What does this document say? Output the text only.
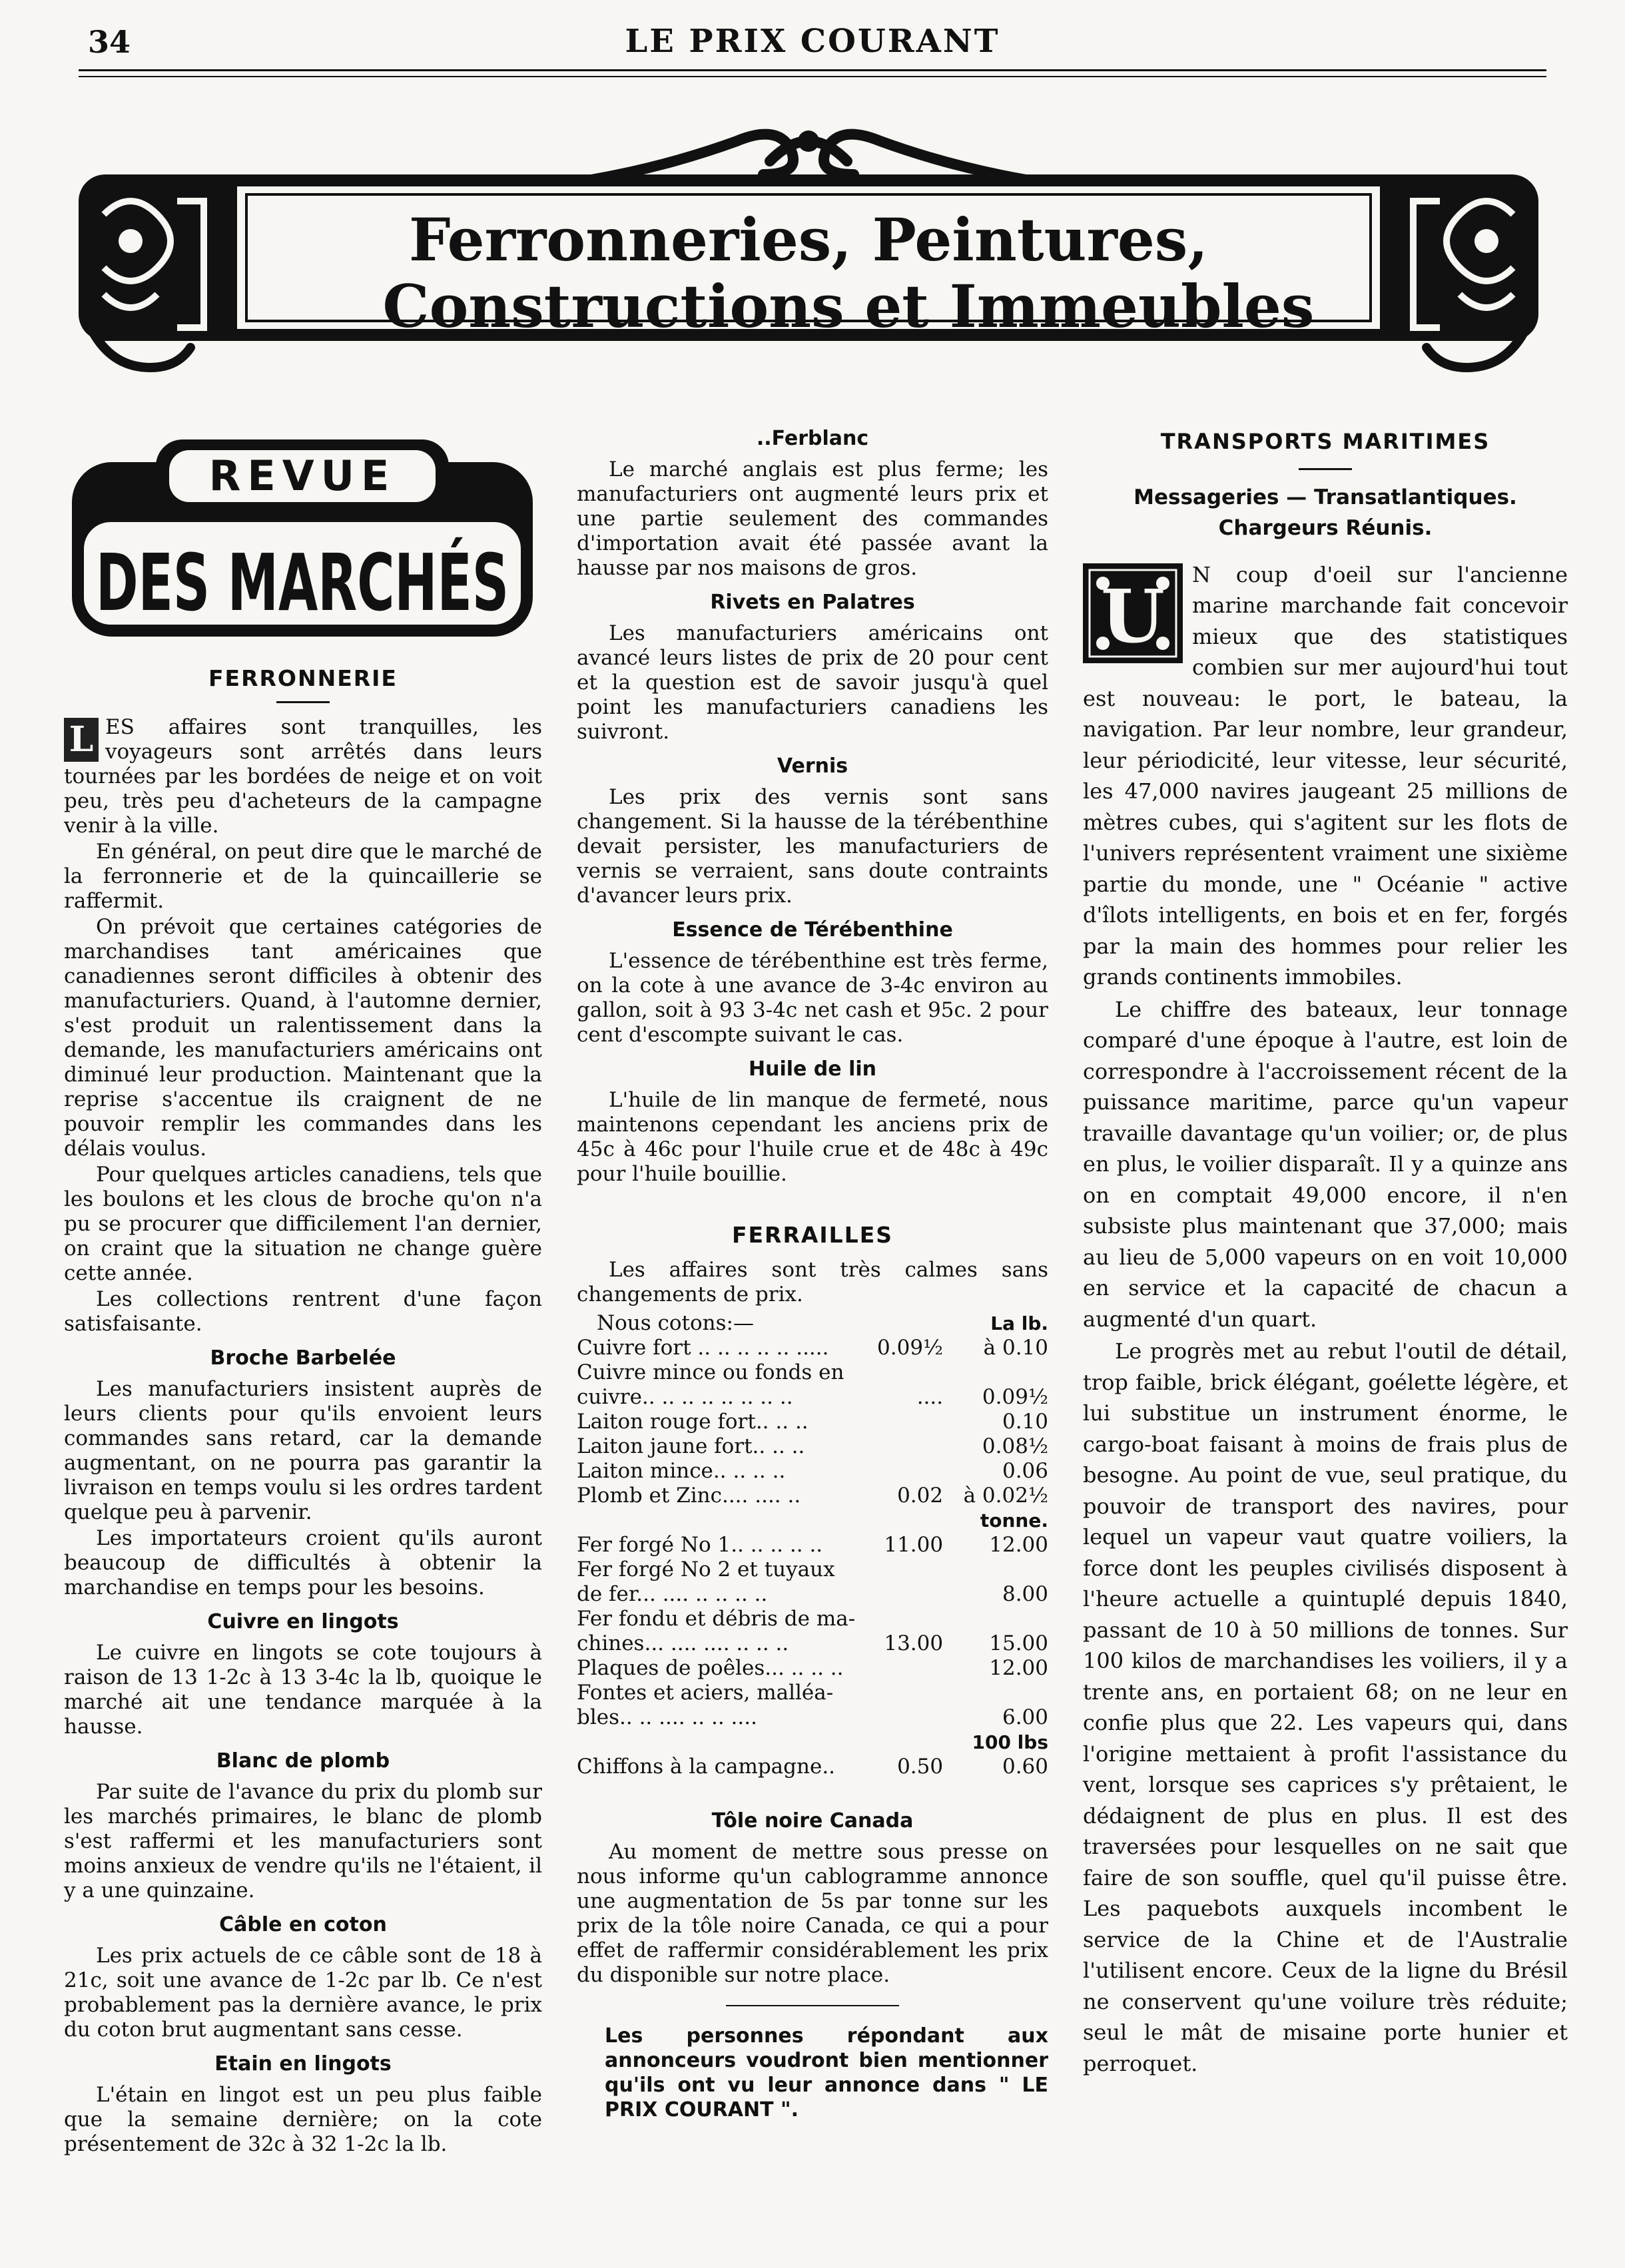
34	LE PRIX COURANT
Ferronneries, Peintures,
Constructions et Immeubles
REVUE
DES MARCHÉS
FERRONNERIE

L ES affaires sont tranquilles, les voyageurs sont arrêtés dans leurs tournées par les bordées de neige et on voit peu, très peu d'acheteurs de la campagne venir à la ville.

En général, on peut dire que le marché de la ferronnerie et de la quincaillerie se raffermit.

On prévoit que certaines catégories de marchandises tant américaines que canadiennes seront difficiles à obtenir des manufacturiers. Quand, à l'automne dernier, s'est produit un ralentissement dans la demande, les manufacturiers américains ont diminué leur production. Maintenant que la reprise s'accentue ils craignent de ne pouvoir remplir les commandes dans les délais voulus.

Pour quelques articles canadiens, tels que les boulons et les clous de broche qu'on n'a pu se procurer que difficilement l'an dernier, on craint que la situation ne change guère cette année.

Les collections rentrent d'une façon satisfaisante.

Broche Barbelée

Les manufacturiers insistent auprès de leurs clients pour qu'ils envoient leurs commandes sans retard, car la demande augmentant, on ne pourra pas garantir la livraison en temps voulu si les ordres tardent quelque peu à parvenir.

Les importateurs croient qu'ils auront beaucoup de difficultés à obtenir la marchandise en temps pour les besoins.

Cuivre en lingots

Le cuivre en lingots se cote toujours à raison de 13 1-2c à 13 3-4c la lb, quoique le marché ait une tendance marquée à la hausse.

Blanc de plomb

Par suite de l'avance du prix du plomb sur les marchés primaires, le blanc de plomb s'est raffermi et les manufacturiers sont moins anxieux de vendre qu'ils ne l'étaient, il y a une quinzaine.

Câble en coton

Les prix actuels de ce câble sont de 18 à 21c, soit une avance de 1-2c par lb. Ce n'est probablement pas la dernière avance, le prix du coton brut augmentant sans cesse.

Etain en lingots

L'étain en lingot est un peu plus faible que la semaine dernière; on la cote présentement de 32c à 32 1-2c la lb.

..Ferblanc

Le marché anglais est plus ferme; les manufacturiers ont augmenté leurs prix et une partie seulement des commandes d'importation avait été passée avant la hausse par nos maisons de gros.

Rivets en Palatres

Les manufacturiers américains ont avancé leurs listes de prix de 20 pour cent et la question est de savoir jusqu'à quel point les manufacturiers canadiens les suivront.

Vernis

Les prix des vernis sont sans changement. Si la hausse de la térébenthine devait persister, les manufacturiers de vernis se verraient, sans doute contraints d'avancer leurs prix.

Essence de Térébenthine

L'essence de térébenthine est très ferme, on la cote à une avance de 3-4c environ au gallon, soit à 93 3-4c net cash et 95c. 2 pour cent d'escompte suivant le cas.

Huile de lin

L'huile de lin manque de fermeté, nous maintenons cependant les anciens prix de 45c à 46c pour l'huile crue et de 48c à 49c pour l'huile bouillie.

FERRAILLES

Les affaires sont très calmes sans changements de prix.

Nous cotons:—		La lb.
Cuivre fort .. .. .. .. .. .....	0.09½	à 0.10
Cuivre mince ou fonds en		
cuivre.. .. .. .. .. .. .. ..	....	0.09½
Laiton rouge fort.. .. ..		0.10
Laiton jaune fort.. .. ..		0.08½
Laiton mince.. .. .. ..		0.06
Plomb et Zinc.... .... ..	0.02	à 0.02½
		tonne.
Fer forgé No 1.. .. .. .. ..	11.00	12.00
Fer forgé No 2 et tuyaux		
de fer... .... .. .. .. ..		8.00
Fer fondu et débris de ma-		
chines... .... .... .. .. ..	13.00	15.00
Plaques de poêles... .. .. ..		12.00
Fontes et aciers, malléa-		
bles.. .. .... .. .. ....		6.00
		100 lbs
Chiffons à la campagne..	0.50	0.60
Tôle noire Canada

Au moment de mettre sous presse on nous informe qu'un cablogramme annonce une augmentation de 5s par tonne sur les prix de la tôle noire Canada, ce qui a pour effet de raffermir considérablement les prix du disponible sur notre place.

Les personnes répondant aux annonceurs voudront bien mentionner qu'ils ont vu leur annonce dans " LE PRIX COURANT ".
TRANSPORTS MARITIMES
Messageries — Transatlantiques.
Chargeurs Réunis.

U N coup d'oeil sur l'ancienne marine marchande fait concevoir mieux que des statistiques combien sur mer aujourd'hui tout est nouveau: le port, le bateau, la navigation. Par leur nombre, leur grandeur, leur périodicité, leur vitesse, leur sécurité, les 47,000 navires jaugeant 25 millions de mètres cubes, qui s'agitent sur les flots de l'univers représentent vraiment une sixième partie du monde, une " Océanie " active d'îlots intelligents, en bois et en fer, forgés par la main des hommes pour relier les grands continents immobiles.

Le chiffre des bateaux, leur tonnage comparé d'une époque à l'autre, est loin de correspondre à l'accroissement récent de la puissance maritime, parce qu'un vapeur travaille davantage qu'un voilier; or, de plus en plus, le voilier disparaît. Il y a quinze ans on en comptait 49,000 encore, il n'en subsiste plus maintenant que 37,000; mais au lieu de 5,000 vapeurs on en voit 10,000 en service et la capacité de chacun a augmenté d'un quart.

Le progrès met au rebut l'outil de détail, trop faible, brick élégant, goélette légère, et lui substitue un instrument énorme, le cargo-boat faisant à moins de frais plus de besogne. Au point de vue, seul pratique, du pouvoir de transport des navires, pour lequel un vapeur vaut quatre voiliers, la force dont les peuples civilisés disposent à l'heure actuelle a quintuplé depuis 1840, passant de 10 à 50 millions de tonnes. Sur 100 kilos de marchandises les voiliers, il y a trente ans, en portaient 68; on ne leur en confie plus que 22. Les vapeurs qui, dans l'origine mettaient à profit l'assistance du vent, lorsque ses caprices s'y prêtaient, le dédaignent de plus en plus. Il est des traversées pour lesquelles on ne sait que faire de son souffle, quel qu'il puisse être. Les paquebots auxquels incombent le service de la Chine et de l'Australie l'utilisent encore. Ceux de la ligne du Brésil ne conservent qu'une voilure très réduite; seul le mât de misaine porte hunier et perroquet.
